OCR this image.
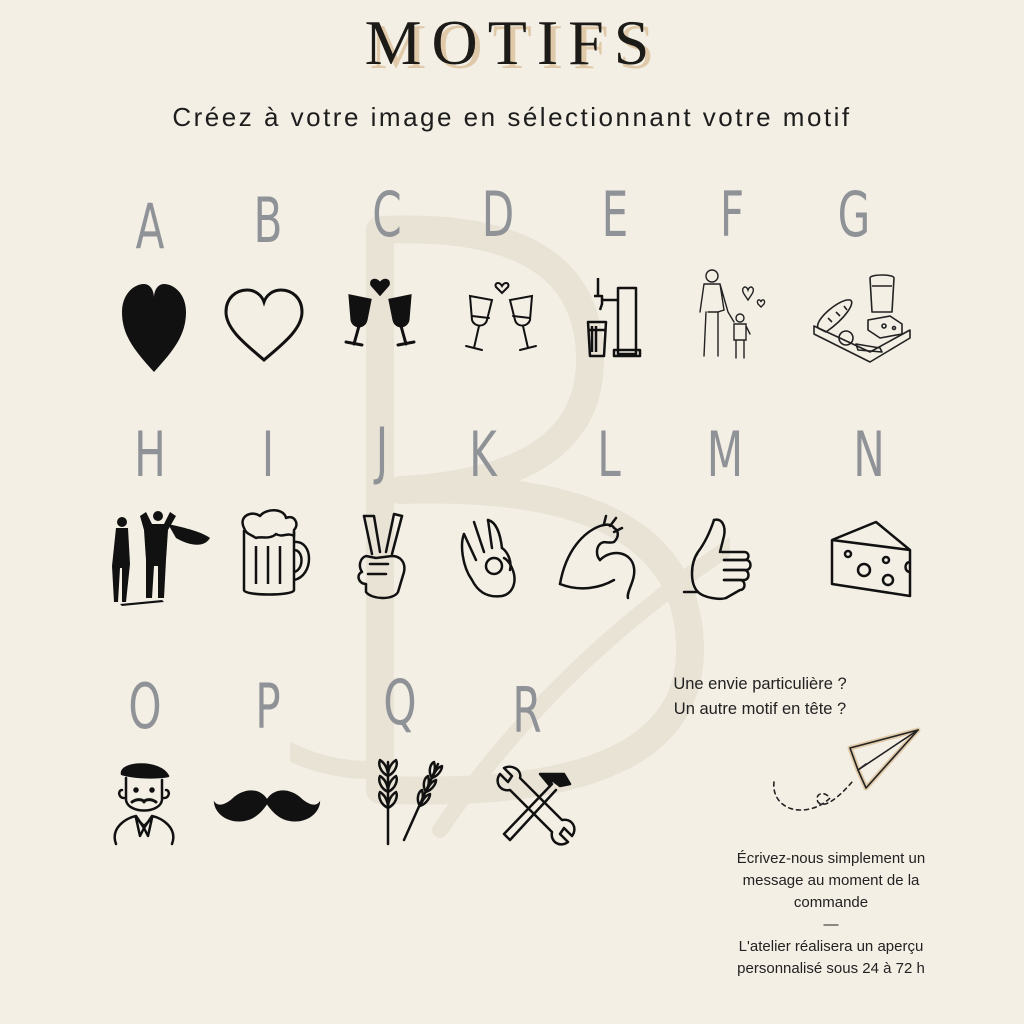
MOTIFS
Créez à votre image en sélectionnant votre motif
A B C D E F G
H	I	J	K L M N
O P Q R	Une envie particulière ?
Un autre motif en tête ?
Écrivez-nous simplement un
message au moment de la
commande
—
L'atelier réalisera un aperçu
personnalisé sous 24 à 72 h
